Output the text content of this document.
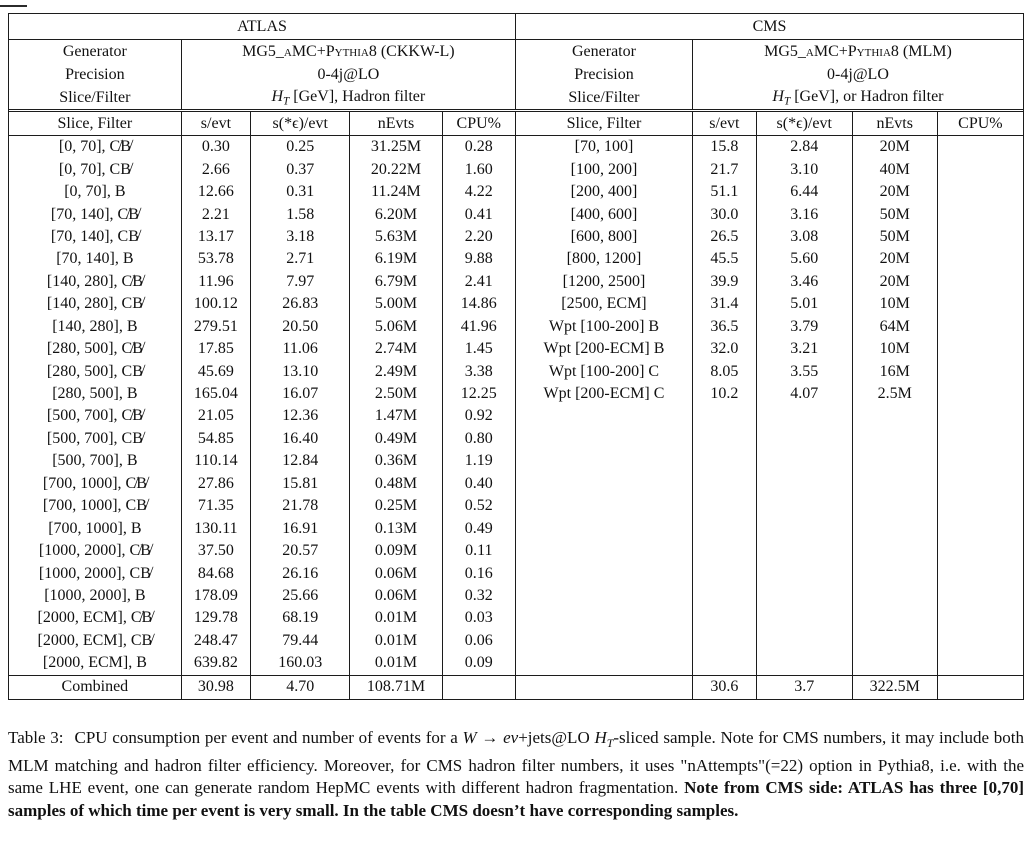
ATLAS				
Generator	MG5_aMC+Pythia8 (CKKW-L)			
Precision	0-4j@LO			
Slice/Filter	$H_T$ [GeV], Hadron filter			
Slice, Filter	s/evt	s(*ϵ)/evt	nEvts	CPU%
[0, 70], C̸B̸	0.30	0.25	31.25M	0.28
[0, 70], CB̸	2.66	0.37	20.22M	1.60
[0, 70], B	12.66	0.31	11.24M	4.22
[70, 140], C̸B̸	2.21	1.58	6.20M	0.41
[70, 140], CB̸	13.17	3.18	5.63M	2.20
[70, 140], B	53.78	2.71	6.19M	9.88
[140, 280], C̸B̸	11.96	7.97	6.79M	2.41
[140, 280], CB̸	100.12	26.83	5.00M	14.86
[140, 280], B	279.51	20.50	5.06M	41.96
[280, 500], C̸B̸	17.85	11.06	2.74M	1.45
[280, 500], CB̸	45.69	13.10	2.49M	3.38
[280, 500], B	165.04	16.07	2.50M	12.25
[500, 700], C̸B̸	21.05	12.36	1.47M	0.92
[500, 700], CB̸	54.85	16.40	0.49M	0.80
[500, 700], B	110.14	12.84	0.36M	1.19
[700, 1000], C̸B̸	27.86	15.81	0.48M	0.40
[700, 1000], CB̸	71.35	21.78	0.25M	0.52
[700, 1000], B	130.11	16.91	0.13M	0.49
[1000, 2000], C̸B̸	37.50	20.57	0.09M	0.11
[1000, 2000], CB̸	84.68	26.16	0.06M	0.16
[1000, 2000], B	178.09	25.66	0.06M	0.32
[2000, ECM], C̸B̸	129.78	68.19	0.01M	0.03
[2000, ECM], CB̸	248.47	79.44	0.01M	0.06
[2000, ECM], B	639.82	160.03	0.01M	0.09
Combined	30.98	4.70	108.71M	
CMS				
Generator	MG5_aMC+Pythia8 (MLM)			
Precision	0-4j@LO			
Slice/Filter	$H_T$ [GeV], or Hadron filter			
Slice, Filter	s/evt	s(*ϵ)/evt	nEvts	CPU%
[70, 100]	15.8	2.84	20M	
[100, 200]	21.7	3.10	40M	
[200, 400]	51.1	6.44	20M	
[400, 600]	30.0	3.16	50M	
[600, 800]	26.5	3.08	50M	
[800, 1200]	45.5	5.60	20M	
[1200, 2500]	39.9	3.46	20M	
[2500, ECM]	31.4	5.01	10M	
Wpt [100-200] B	36.5	3.79	64M	
Wpt [200-ECM] B	32.0	3.21	10M	
Wpt [100-200] C	8.05	3.55	16M	
Wpt [200-ECM] C	10.2	4.07	2.5M	

	30.6	3.7	322.5M	

Table 3: CPU consumption per event and number of events for a W → eν+jets@LO $H_T$-sliced sample. Note for CMS numbers, it may include both MLM matching and hadron filter efficiency. Moreover, for CMS hadron filter numbers, it uses "nAttempts"(=22) option in Pythia8, i.e. with the same LHE event, one can generate random HepMC events with different hadron fragmentation. Note from CMS side: ATLAS has three [0,70] samples of which time per event is very small. In the table CMS doesn’t have corresponding samples.
